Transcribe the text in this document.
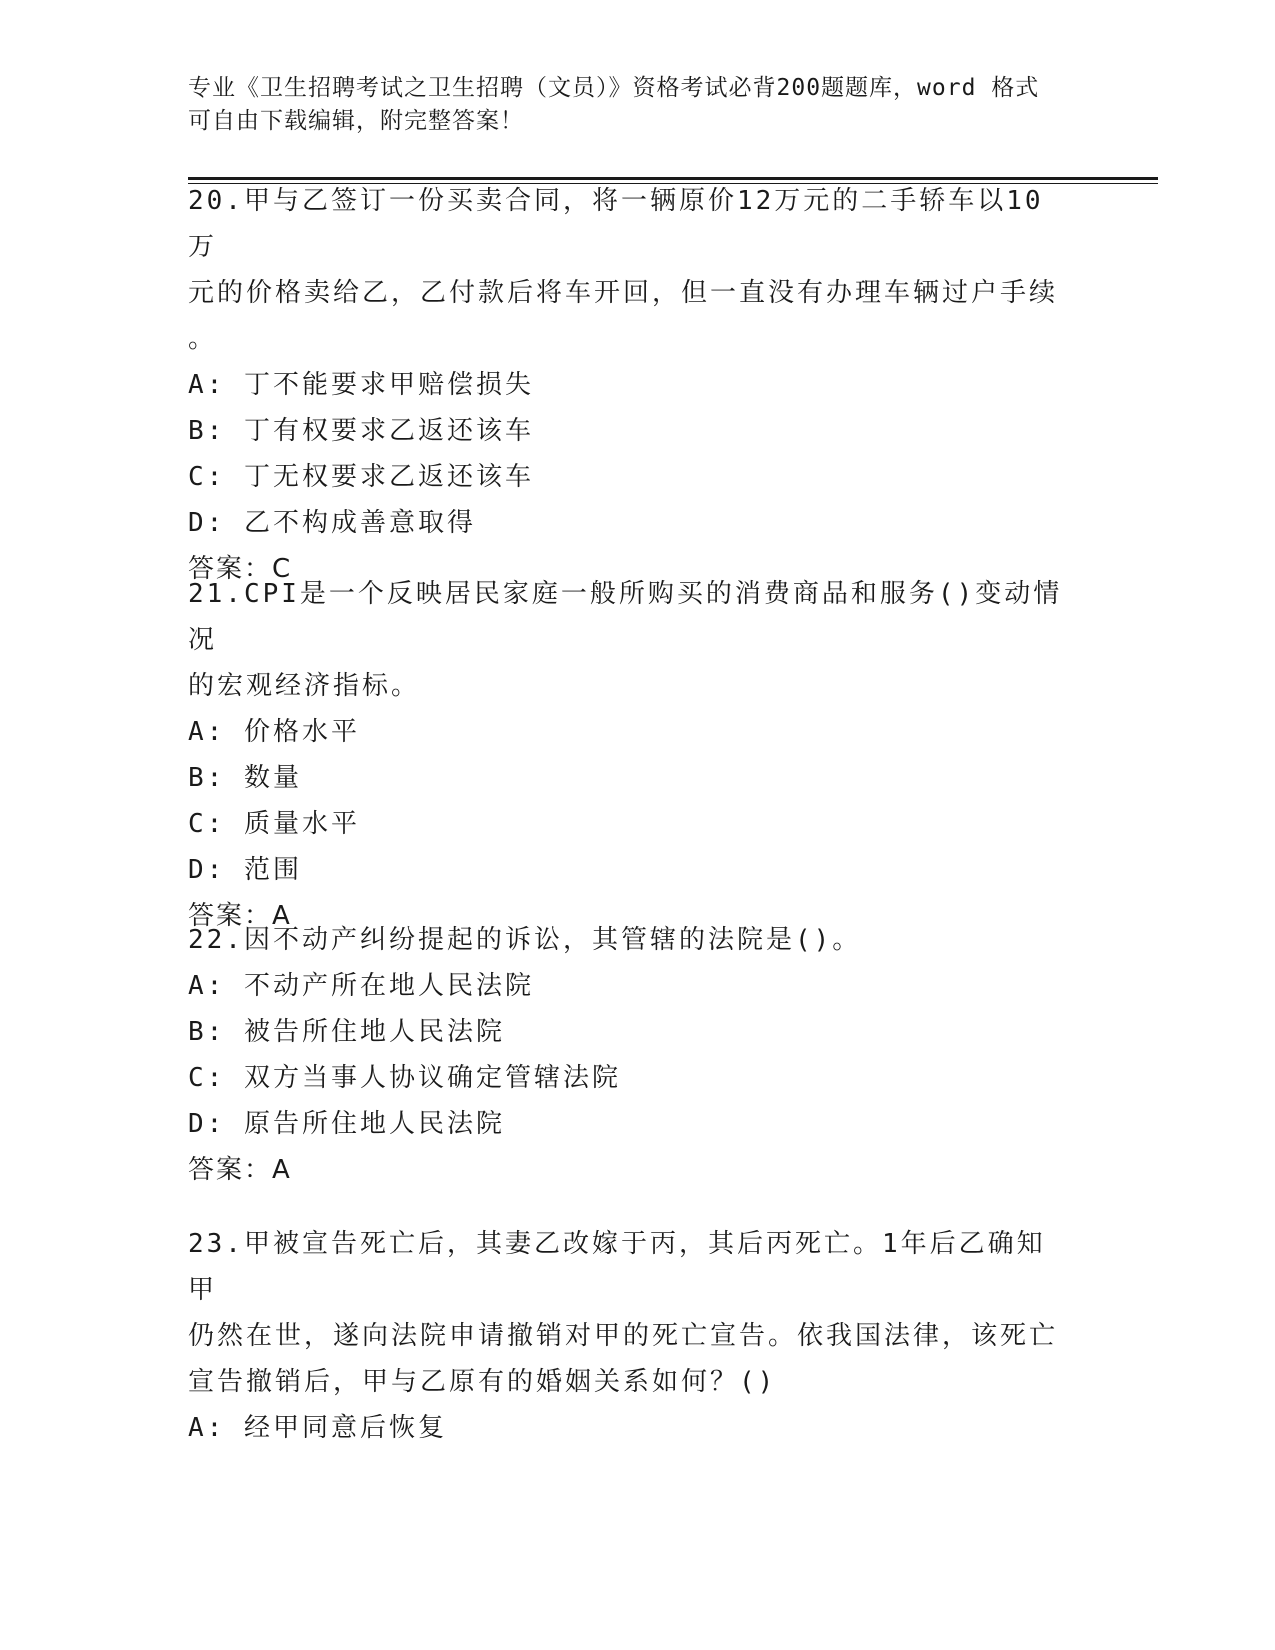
专业《卫生招聘考试之卫生招聘（文员）》资格考试必背200题题库，word 格式
可自由下载编辑，附完整答案！

20.甲与乙签订一份买卖合同，将一辆原价12万元的二手轿车以10万

元的价格卖给乙，乙付款后将车开回，但一直没有办理车辆过户手续

。

A: 丁不能要求甲赔偿损失

B: 丁有权要求乙返还该车

C: 丁无权要求乙返还该车

D: 乙不构成善意取得

答案：C

21.CPI是一个反映居民家庭一般所购买的消费商品和服务()变动情况

的宏观经济指标。

A: 价格水平

B: 数量

C: 质量水平

D: 范围

答案：A

22.因不动产纠纷提起的诉讼，其管辖的法院是()。

A: 不动产所在地人民法院

B: 被告所住地人民法院

C: 双方当事人协议确定管辖法院

D: 原告所住地人民法院

答案：A

23.甲被宣告死亡后，其妻乙改嫁于丙，其后丙死亡。1年后乙确知甲

仍然在世，遂向法院申请撤销对甲的死亡宣告。依我国法律，该死亡

宣告撤销后，甲与乙原有的婚姻关系如何？()

A: 经甲同意后恢复
